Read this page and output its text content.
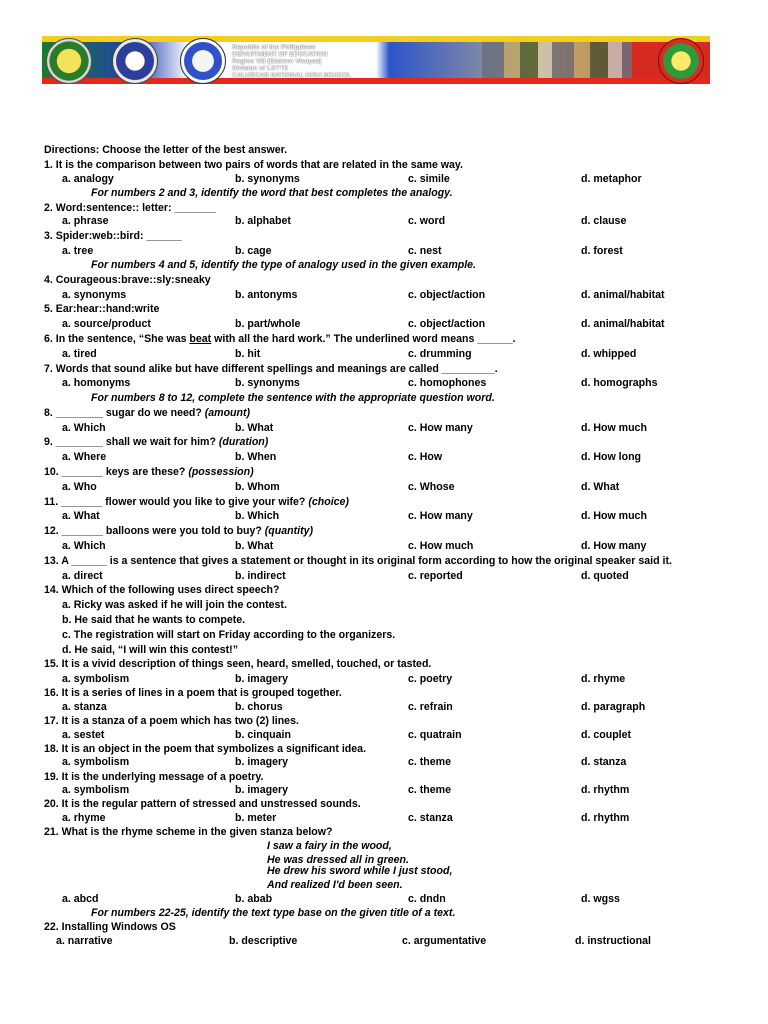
Republic of the Philippines
DEPARTMENT OF EDUCATION
Region VIII (Eastern Visayas)
Division of LEYTE
CALUBCAB NATIONAL HIGH SCHOOL
Directions: Choose the letter of the best answer.
1. It is the comparison between two pairs of words that are related in the same way.
a. analogy	b. synonyms	c. simile	d. metaphor
For numbers 2 and 3, identify the word that best completes the analogy.
2. Word:sentence:: letter: _______
a. phrase	b. alphabet	c. word	d. clause
3. Spider:web::bird: ______
a. tree	b. cage	c. nest	d. forest
For numbers 4 and 5, identify the type of analogy used in the given example.
4. Courageous:brave::sly:sneaky
a. synonyms	b. antonyms	c. object/action	d. animal/habitat
5. Ear:hear::hand:write
a. source/product	b. part/whole	c. object/action	d. animal/habitat
6. In the sentence, “She was beat with all the hard work.” The underlined word means ______.
a. tired	b. hit	c. drumming	d. whipped
7. Words that sound alike but have different spellings and meanings are called _________.
a. homonyms	b. synonyms	c. homophones	d. homographs
For numbers 8 to 12, complete the sentence with the appropriate question word.
8. ________ sugar do we need? (amount)
a. Which	b. What	c. How many	d. How much
9. ________ shall we wait for him? (duration)
a. Where	b. When	c. How	d. How long
10. _______ keys are these? (possession)
a. Who	b. Whom	c. Whose	d. What
11. _______ flower would you like to give your wife? (choice)
a. What	b. Which	c. How many	d. How much
12. _______ balloons were you told to buy? (quantity)
a. Which	b. What	c. How much	d. How many
13. A ______ is a sentence that gives a statement or thought in its original form according to how the original speaker said it.
a. direct	b. indirect	c. reported	d. quoted
14. Which of the following uses direct speech?
a. Ricky was asked if he will join the contest.
b. He said that he wants to compete.
c. The registration will start on Friday according to the organizers.
d. He said, “I will win this contest!”
15. It is a vivid description of things seen, heard, smelled, touched, or tasted.
a. symbolism	b. imagery	c. poetry	d. rhyme
16. It is a series of lines in a poem that is grouped together.
a. stanza	b. chorus	c. refrain	d. paragraph
17. It is a stanza of a poem which has two (2) lines.
a. sestet	b. cinquain	c. quatrain	d. couplet
18. It is an object in the poem that symbolizes a significant idea.
a. symbolism	b. imagery	c. theme	d. stanza
19. It is the underlying message of a poetry.
a. symbolism	b. imagery	c. theme	d. rhythm
20. It is the regular pattern of stressed and unstressed sounds.
a. rhyme	b. meter	c. stanza	d. rhythm
21. What is the rhyme scheme in the given stanza below?
I saw a fairy in the wood,
He was dressed all in green.
He drew his sword while I just stood,
And realized I'd been seen.
a. abcd	b. abab	c. dndn	d. wgss
For numbers 22-25, identify the text type base on the given title of a text.
22. Installing Windows OS
a. narrative	b. descriptive	c. argumentative	d. instructional
